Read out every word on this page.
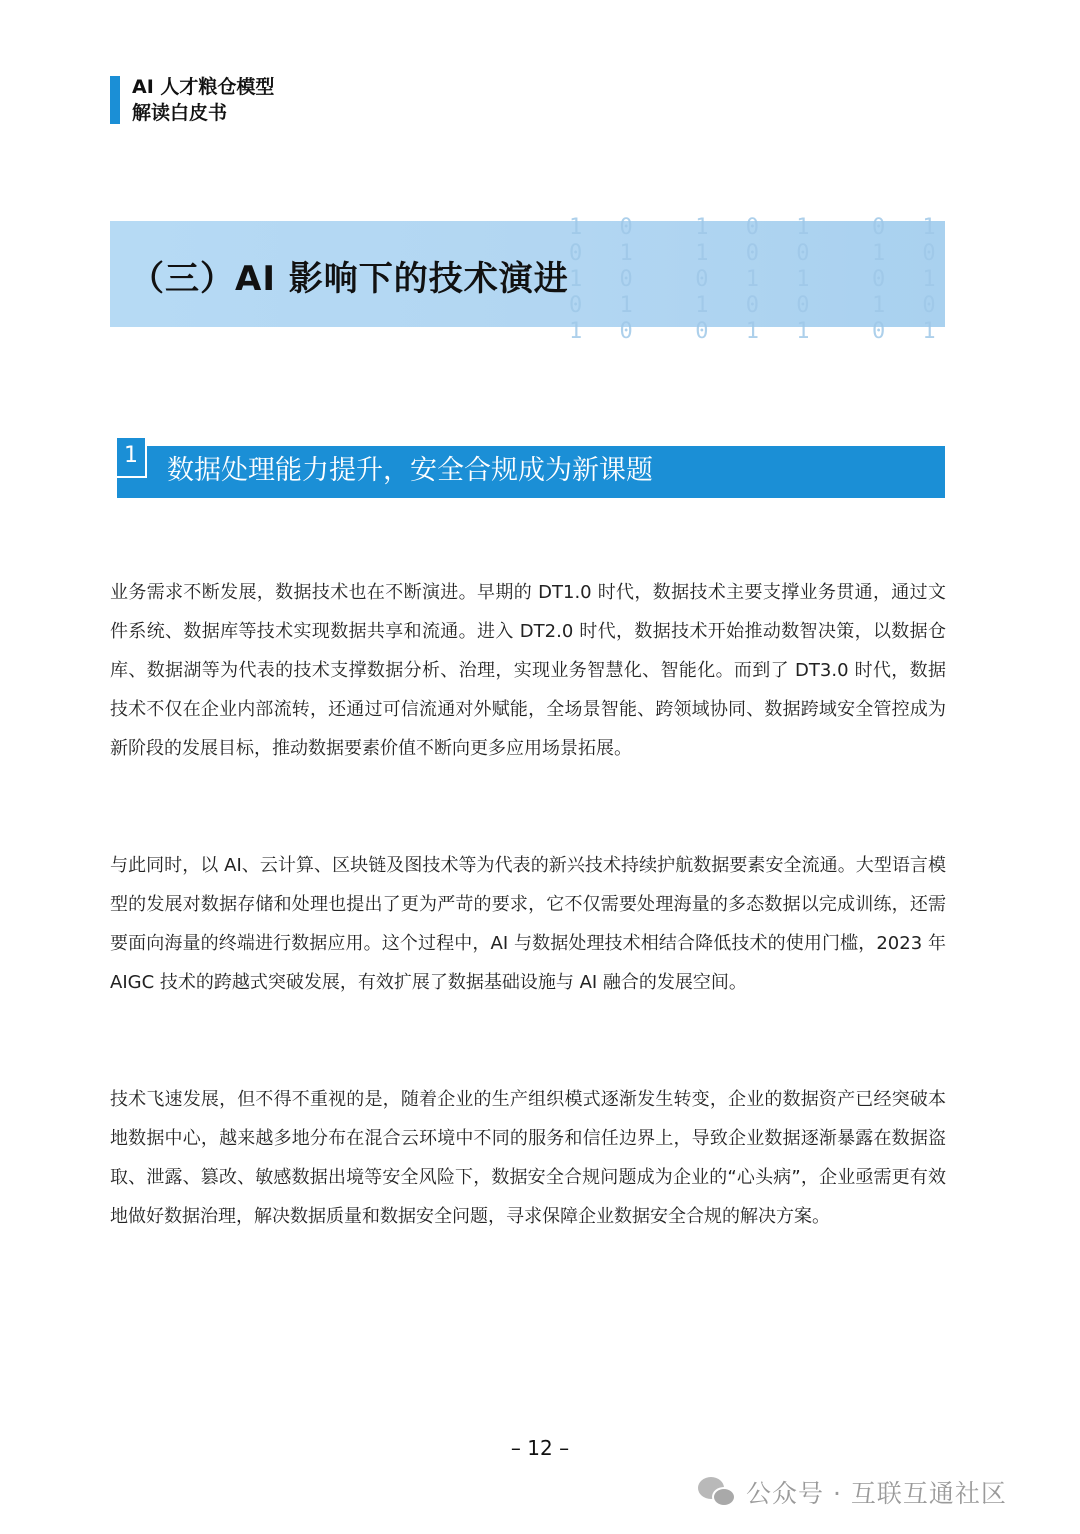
AI 人才粮仓模型
解读白皮书
1 0  1 0 1  0 1
0 1  1 0 0  1 0
1 0  0 1 1  0 1
0 1  1 0 0  1 0
1 0  0 1 1  0 1
（三）AI 影响下的技术演进
1	数据处理能力提升，安全合规成为新课题

业务需求不断发展，数据技术也在不断演进。早期的 DT1.0 时代，数据技术主要支撑业务贯通，通过文件系统、数据库等技术实现数据共享和流通。进入 DT2.0 时代，数据技术开始推动数智决策，以数据仓库、数据湖等为代表的技术支撑数据分析、治理，实现业务智慧化、智能化。而到了 DT3.0 时代，数据技术不仅在企业内部流转，还通过可信流通对外赋能，全场景智能、跨领域协同、数据跨域安全管控成为新阶段的发展目标，推动数据要素价值不断向更多应用场景拓展。

与此同时，以 AI、云计算、区块链及图技术等为代表的新兴技术持续护航数据要素安全流通。大型语言模型的发展对数据存储和处理也提出了更为严苛的要求，它不仅需要处理海量的多态数据以完成训练，还需要面向海量的终端进行数据应用。这个过程中，AI 与数据处理技术相结合降低技术的使用门槛，2023 年 AIGC 技术的跨越式突破发展，有效扩展了数据基础设施与 AI 融合的发展空间。

技术飞速发展，但不得不重视的是，随着企业的生产组织模式逐渐发生转变，企业的数据资产已经突破本地数据中心，越来越多地分布在混合云环境中不同的服务和信任边界上，导致企业数据逐渐暴露在数据盗取、泄露、篡改、敏感数据出境等安全风险下，数据安全合规问题成为企业的“心头病”，企业亟需更有效地做好数据治理，解决数据质量和数据安全问题，寻求保障企业数据安全合规的解决方案。

– 12 –
公众号 · 互联互通社区
